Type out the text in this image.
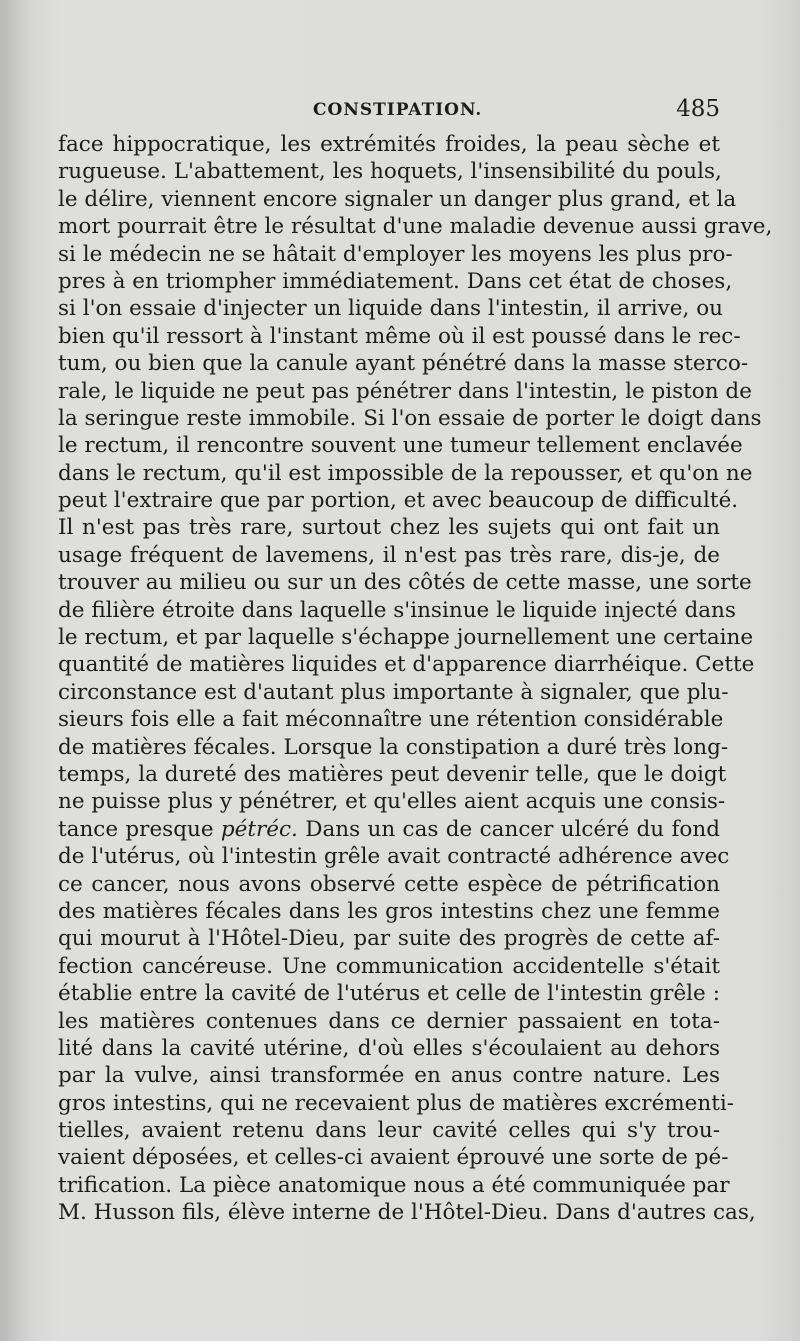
CONSTIPATION.	485
face hippocratique, les extrémités froides, la peau sèche et
rugueuse. L'abattement, les hoquets, l'insensibilité du pouls,
le délire, viennent encore signaler un danger plus grand, et la
mort pourrait être le résultat d'une maladie devenue aussi grave,
si le médecin ne se hâtait d'employer les moyens les plus pro-
pres à en triompher immédiatement. Dans cet état de choses,
si l'on essaie d'injecter un liquide dans l'intestin, il arrive, ou
bien qu'il ressort à l'instant même où il est poussé dans le rec-
tum, ou bien que la canule ayant pénétré dans la masse sterco-
rale, le liquide ne peut pas pénétrer dans l'intestin, le piston de
la seringue reste immobile. Si l'on essaie de porter le doigt dans
le rectum, il rencontre souvent une tumeur tellement enclavée
dans le rectum, qu'il est impossible de la repousser, et qu'on ne
peut l'extraire que par portion, et avec beaucoup de difficulté.
Il n'est pas très rare, surtout chez les sujets qui ont fait un
usage fréquent de lavemens, il n'est pas très rare, dis-je, de
trouver au milieu ou sur un des côtés de cette masse, une sorte
de filière étroite dans laquelle s'insinue le liquide injecté dans
le rectum, et par laquelle s'échappe journellement une certaine
quantité de matières liquides et d'apparence diarrhéique. Cette
circonstance est d'autant plus importante à signaler, que plu-
sieurs fois elle a fait méconnaître une rétention considérable
de matières fécales. Lorsque la constipation a duré très long-
temps, la dureté des matières peut devenir telle, que le doigt
ne puisse plus y pénétrer, et qu'elles aient acquis une consis-
tance presque pétréc. Dans un cas de cancer ulcéré du fond
de l'utérus, où l'intestin grêle avait contracté adhérence avec
ce cancer, nous avons observé cette espèce de pétrification
des matières fécales dans les gros intestins chez une femme
qui mourut à l'Hôtel-Dieu, par suite des progrès de cette af-
fection cancéreuse. Une communication accidentelle s'était
établie entre la cavité de l'utérus et celle de l'intestin grêle :
les matières contenues dans ce dernier passaient en tota-
lité dans la cavité utérine, d'où elles s'écoulaient au dehors
par la vulve, ainsi transformée en anus contre nature. Les
gros intestins, qui ne recevaient plus de matières excrémenti-
tielles, avaient retenu dans leur cavité celles qui s'y trou-
vaient déposées, et celles-ci avaient éprouvé une sorte de pé-
trification. La pièce anatomique nous a été communiquée par
M. Husson fils, élève interne de l'Hôtel-Dieu. Dans d'autres cas,
